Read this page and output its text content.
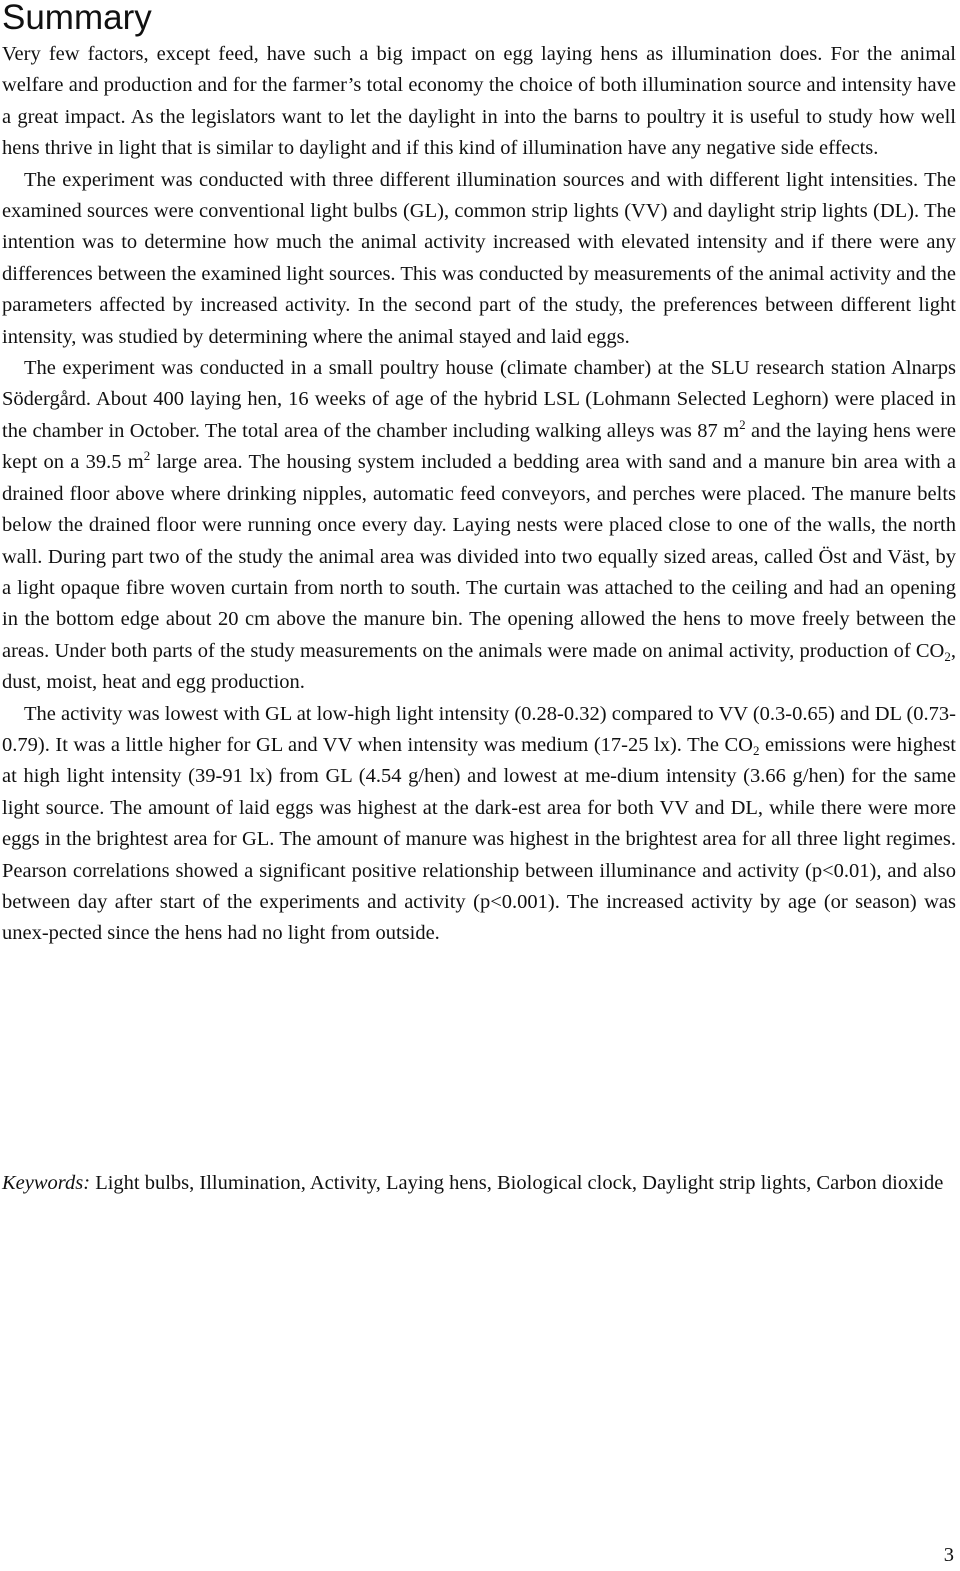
Summary

Very few factors, except feed, have such a big impact on egg laying hens as illumination does. For the animal welfare and production and for the farmer’s total economy the choice of both illumination source and intensity have a great impact. As the legislators want to let the daylight in into the barns to poultry it is useful to study how well hens thrive in light that is similar to daylight and if this kind of illumination have any negative side effects.

The experiment was conducted with three different illumination sources and with different light intensities. The examined sources were conventional light bulbs (GL), common strip lights (VV) and daylight strip lights (DL). The intention was to determine how much the animal activity increased with elevated intensity and if there were any differences between the examined light sources. This was conducted by measurements of the animal activity and the parameters affected by increased activity. In the second part of the study, the preferences between different light intensity, was studied by determining where the animal stayed and laid eggs.

The experiment was conducted in a small poultry house (climate chamber) at the SLU research station Alnarps Södergård. About 400 laying hen, 16 weeks of age of the hybrid LSL (Lohmann Selected Leghorn) were placed in the chamber in October. The total area of the chamber including walking alleys was 87 $m^2$ and the laying hens were kept on a 39.5 $m^2$ large area. The housing system included a bedding area with sand and a manure bin area with a drained floor above where drinking nipples, automatic feed conveyors, and perches were placed. The manure belts below the drained floor were running once every day. Laying nests were placed close to one of the walls, the north wall. During part two of the study the animal area was divided into two equally sized areas, called Öst and Väst, by a light opaque fibre woven curtain from north to south. The curtain was attached to the ceiling and had an opening in the bottom edge about 20 cm above the manure bin. The opening allowed the hens to move freely between the areas. Under both parts of the study measurements on the animals were made on animal activity, production of $CO_2$, dust, moist, heat and egg production.

The activity was lowest with GL at low-high light intensity (0.28-0.32) compared to VV (0.3-0.65) and DL (0.73-0.79). It was a little higher for GL and VV when intensity was medium (17-25 lx). The $CO_2$ emissions were highest at high light intensity (39-91 lx) from GL (4.54 g/hen) and lowest at me-dium intensity (3.66 g/hen) for the same light source. The amount of laid eggs was highest at the dark-est area for both VV and DL, while there were more eggs in the brightest area for GL. The amount of manure was highest in the brightest area for all three light regimes. Pearson correlations showed a significant positive relationship between illuminance and activity (p<0.01), and also between day after start of the experiments and activity (p<0.001). The increased activity by age (or season) was unex-pected since the hens had no light from outside.

Keywords: Light bulbs, Illumination, Activity, Laying hens, Biological clock, Daylight strip lights, Carbon dioxide
3
